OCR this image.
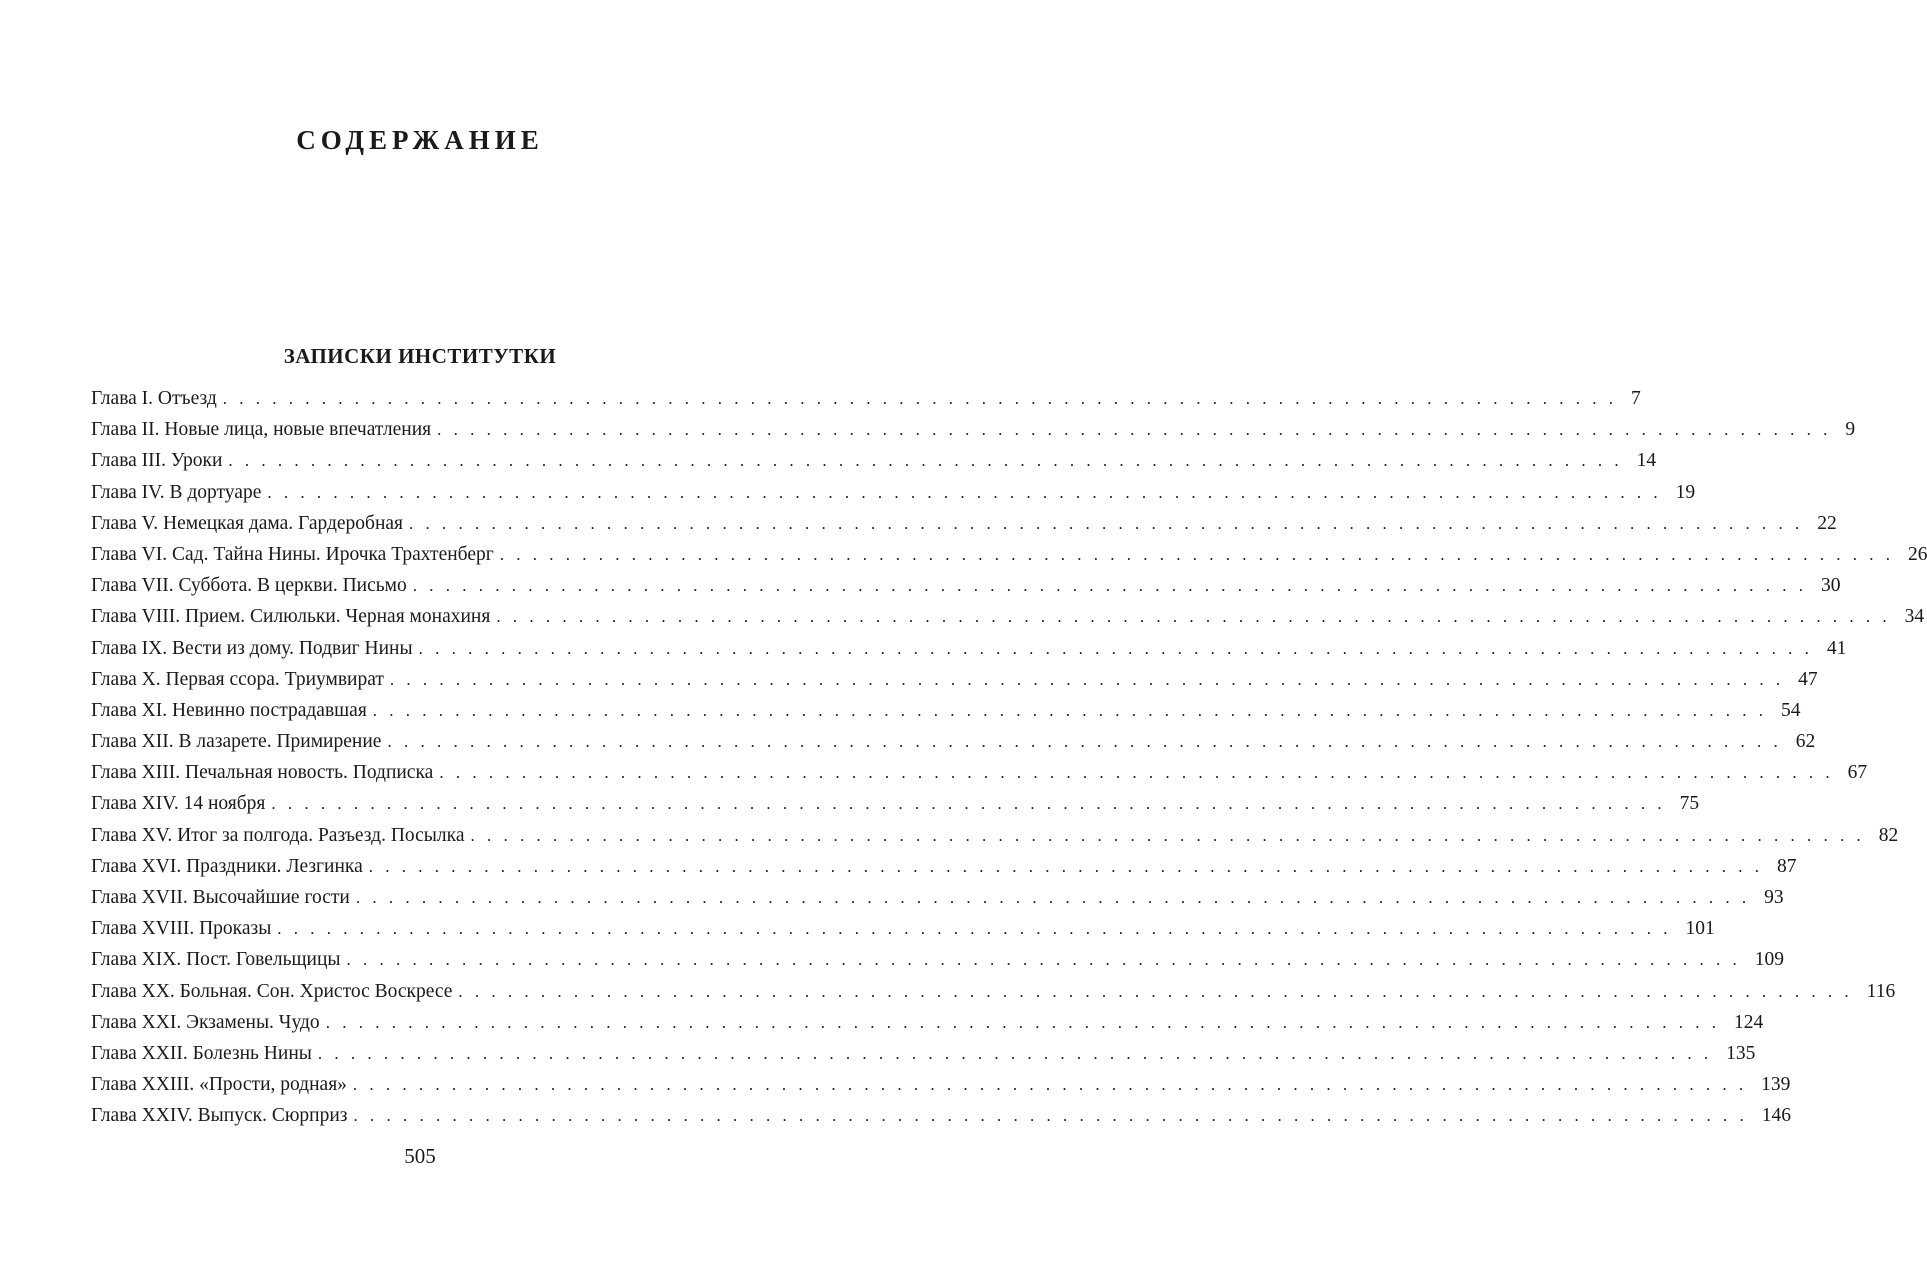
СОДЕРЖАНИЕ
ЗАПИСКИ ИНСТИТУТКИ
Глава I. Отъезд . . . . . . . . . . . . . . . . . . . . . . . . . . . . . . . . . . . . . . . . . . . . . . . . . . . . . . . . . . . . . . . . . . . . . . . . . . . . . . . . . . . . . 7
Глава II. Новые лица, новые впечатления . . . . . . . . . . . . . . . . . . . . . . . . . . . . . . . . . . . . . . . . . . . . . . . . . . . . . . . . . . . . . . . . . . . . . . . . . . . . . . . . . . . . . 9
Глава III. Уроки . . . . . . . . . . . . . . . . . . . . . . . . . . . . . . . . . . . . . . . . . . . . . . . . . . . . . . . . . . . . . . . . . . . . . . . . . . . . . . . . . . . . . 14
Глава IV. В дортуаре . . . . . . . . . . . . . . . . . . . . . . . . . . . . . . . . . . . . . . . . . . . . . . . . . . . . . . . . . . . . . . . . . . . . . . . . . . . . . . . . . . . . . 19
Глава V. Немецкая дама. Гардеробная . . . . . . . . . . . . . . . . . . . . . . . . . . . . . . . . . . . . . . . . . . . . . . . . . . . . . . . . . . . . . . . . . . . . . . . . . . . . . . . . . . . . . 22
Глава VI. Сад. Тайна Нины. Ирочка Трахтенберг . . . . . . . . . . . . . . . . . . . . . . . . . . . . . . . . . . . . . . . . . . . . . . . . . . . . . . . . . . . . . . . . . . . . . . . . . . . . . . . . . . . . . 26
Глава VII. Суббота. В церкви. Письмо . . . . . . . . . . . . . . . . . . . . . . . . . . . . . . . . . . . . . . . . . . . . . . . . . . . . . . . . . . . . . . . . . . . . . . . . . . . . . . . . . . . . . 30
Глава VIII. Прием. Силюльки. Черная монахиня . . . . . . . . . . . . . . . . . . . . . . . . . . . . . . . . . . . . . . . . . . . . . . . . . . . . . . . . . . . . . . . . . . . . . . . . . . . . . . . . . . . . . 34
Глава IX. Вести из дому. Подвиг Нины . . . . . . . . . . . . . . . . . . . . . . . . . . . . . . . . . . . . . . . . . . . . . . . . . . . . . . . . . . . . . . . . . . . . . . . . . . . . . . . . . . . . . 41
Глава X. Первая ссора. Триумвират . . . . . . . . . . . . . . . . . . . . . . . . . . . . . . . . . . . . . . . . . . . . . . . . . . . . . . . . . . . . . . . . . . . . . . . . . . . . . . . . . . . . . 47
Глава XI. Невинно пострадавшая . . . . . . . . . . . . . . . . . . . . . . . . . . . . . . . . . . . . . . . . . . . . . . . . . . . . . . . . . . . . . . . . . . . . . . . . . . . . . . . . . . . . . 54
Глава XII. В лазарете. Примирение . . . . . . . . . . . . . . . . . . . . . . . . . . . . . . . . . . . . . . . . . . . . . . . . . . . . . . . . . . . . . . . . . . . . . . . . . . . . . . . . . . . . . 62
Глава XIII. Печальная новость. Подписка . . . . . . . . . . . . . . . . . . . . . . . . . . . . . . . . . . . . . . . . . . . . . . . . . . . . . . . . . . . . . . . . . . . . . . . . . . . . . . . . . . . . . 67
Глава XIV. 14 ноября . . . . . . . . . . . . . . . . . . . . . . . . . . . . . . . . . . . . . . . . . . . . . . . . . . . . . . . . . . . . . . . . . . . . . . . . . . . . . . . . . . . . . 75
Глава XV. Итог за полгода. Разъезд. Посылка . . . . . . . . . . . . . . . . . . . . . . . . . . . . . . . . . . . . . . . . . . . . . . . . . . . . . . . . . . . . . . . . . . . . . . . . . . . . . . . . . . . . . 82
Глава XVI. Праздники. Лезгинка . . . . . . . . . . . . . . . . . . . . . . . . . . . . . . . . . . . . . . . . . . . . . . . . . . . . . . . . . . . . . . . . . . . . . . . . . . . . . . . . . . . . . 87
Глава XVII. Высочайшие гости . . . . . . . . . . . . . . . . . . . . . . . . . . . . . . . . . . . . . . . . . . . . . . . . . . . . . . . . . . . . . . . . . . . . . . . . . . . . . . . . . . . . . 93
Глава XVIII. Проказы . . . . . . . . . . . . . . . . . . . . . . . . . . . . . . . . . . . . . . . . . . . . . . . . . . . . . . . . . . . . . . . . . . . . . . . . . . . . . . . . . . . . . 101
Глава XIX. Пост. Говельщицы . . . . . . . . . . . . . . . . . . . . . . . . . . . . . . . . . . . . . . . . . . . . . . . . . . . . . . . . . . . . . . . . . . . . . . . . . . . . . . . . . . . . . 109
Глава XX. Больная. Сон. Христос Воскресе . . . . . . . . . . . . . . . . . . . . . . . . . . . . . . . . . . . . . . . . . . . . . . . . . . . . . . . . . . . . . . . . . . . . . . . . . . . . . . . . . . . . . 116
Глава XXI. Экзамены. Чудо . . . . . . . . . . . . . . . . . . . . . . . . . . . . . . . . . . . . . . . . . . . . . . . . . . . . . . . . . . . . . . . . . . . . . . . . . . . . . . . . . . . . . 124
Глава XXII. Болезнь Нины . . . . . . . . . . . . . . . . . . . . . . . . . . . . . . . . . . . . . . . . . . . . . . . . . . . . . . . . . . . . . . . . . . . . . . . . . . . . . . . . . . . . . 135
Глава XXIII. «Прости, родная» . . . . . . . . . . . . . . . . . . . . . . . . . . . . . . . . . . . . . . . . . . . . . . . . . . . . . . . . . . . . . . . . . . . . . . . . . . . . . . . . . . . . . 139
Глава XXIV. Выпуск. Сюрприз . . . . . . . . . . . . . . . . . . . . . . . . . . . . . . . . . . . . . . . . . . . . . . . . . . . . . . . . . . . . . . . . . . . . . . . . . . . . . . . . . . . . . 146

505
